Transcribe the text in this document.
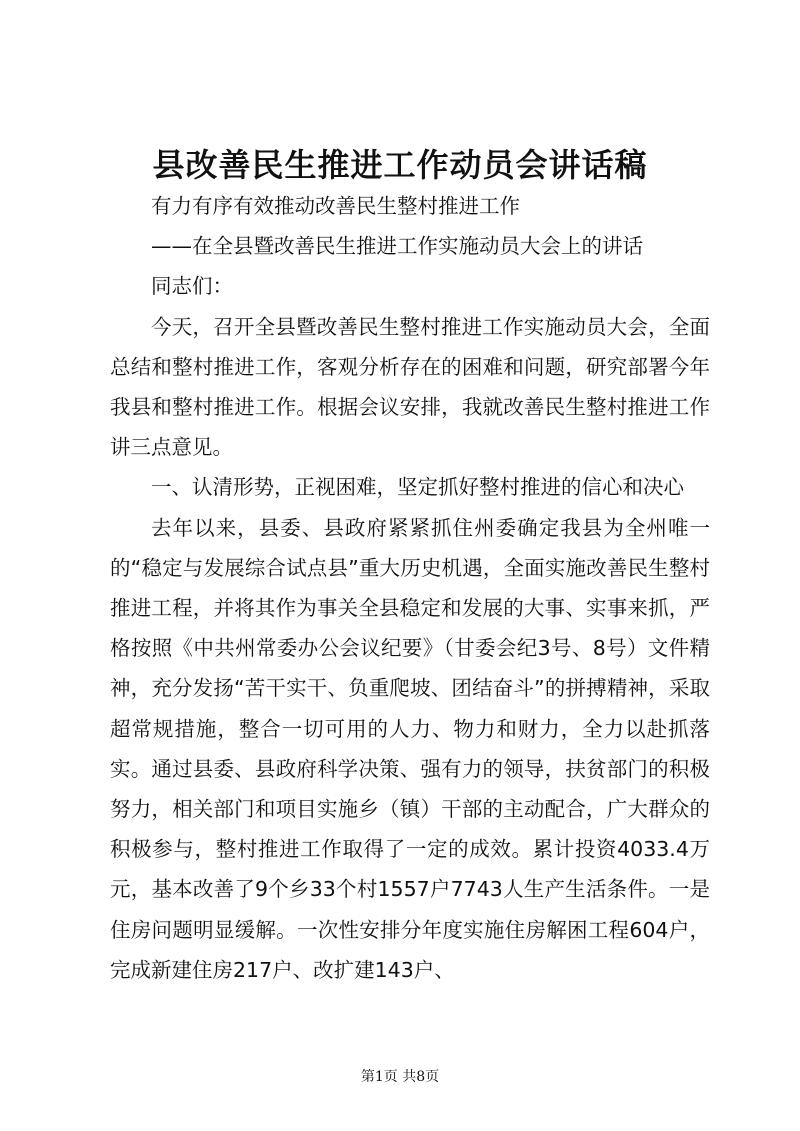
县改善民生推进工作动员会讲话稿

有力有序有效推动改善民生整村推进工作

——在全县暨改善民生推进工作实施动员大会上的讲话

同志们：

今天，召开全县暨改善民生整村推进工作实施动员大会，全面总结和整村推进工作，客观分析存在的困难和问题，研究部署今年我县和整村推进工作。根据会议安排，我就改善民生整村推进工作讲三点意见。

一、认清形势，正视困难，坚定抓好整村推进的信心和决心

去年以来，县委、县政府紧紧抓住州委确定我县为全州唯一的“稳定与发展综合试点县”重大历史机遇，全面实施改善民生整村推进工程，并将其作为事关全县稳定和发展的大事、实事来抓，严格按照《中共州常委办公会议纪要》（甘委会纪3号、8号）文件精神，充分发扬“苦干实干、负重爬坡、团结奋斗”的拼搏精神，采取超常规措施，整合一切可用的人力、物力和财力，全力以赴抓落实。通过县委、县政府科学决策、强有力的领导，扶贫部门的积极努力，相关部门和项目实施乡（镇）干部的主动配合，广大群众的积极参与，整村推进工作取得了一定的成效。累计投资4033.4万元，基本改善了9个乡33个村1557户7743人生产生活条件。一是住房问题明显缓解。一次性安排分年度实施住房解困工程604户，完成新建住房217户、改扩建143户、

第1页 共8页
